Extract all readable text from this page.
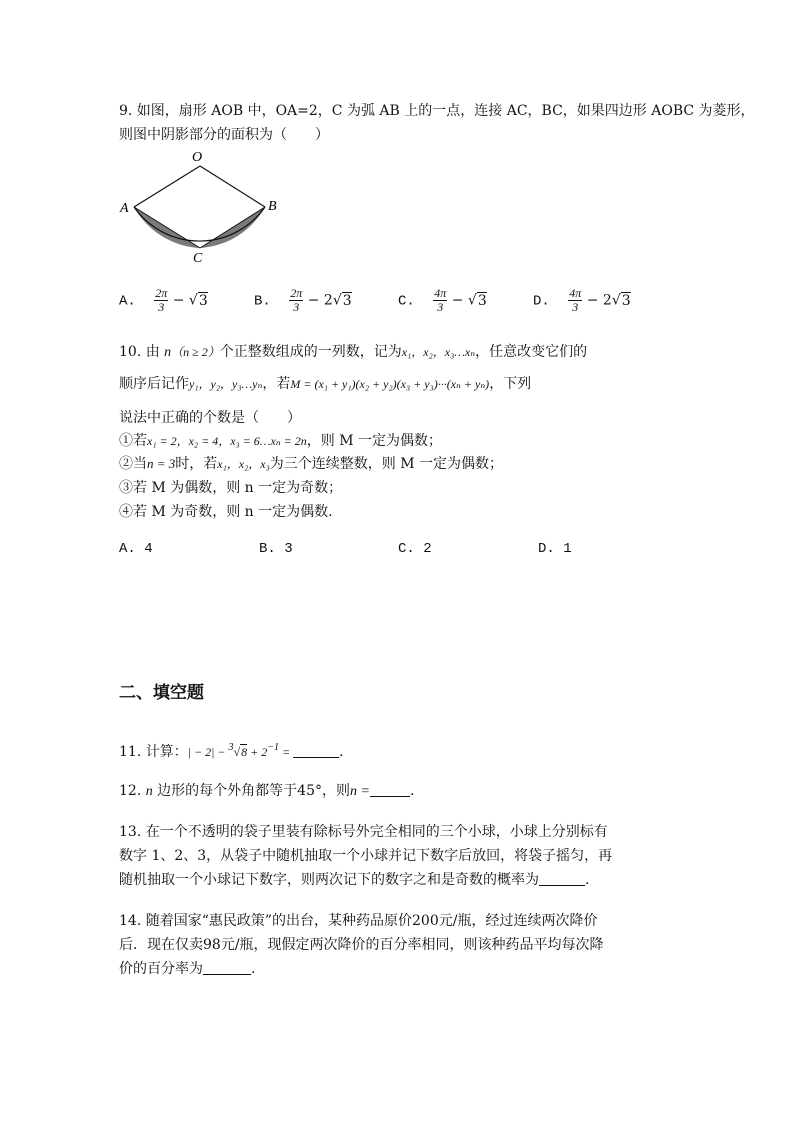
9. 如图，扇形 AOB 中，OA=2，C 为弧 AB 上的一点，连接 AC，BC，如果四边形 AOBC 为菱形，
则图中阴影部分的面积为（　　）
O
A	B
C
A. $\frac{2\pi}{3} - √3$	B. $\frac{2\pi}{3} - 2√3$	C. $\frac{4\pi}{3} - √3$	D. $\frac{4\pi}{3} - 2√3$
10. 由 n（n ≥ 2）个正整数组成的一列数，记为x₁，x₂，x₃…xₙ，任意改变它们的
顺序后记作y₁，y₂，y₃…yₙ，若M = (x₁ + y₁)(x₂ + y₂)(x₃ + y₃)···(xₙ + yₙ)，下列
说法中正确的个数是（　　）
①若x₁ = 2，x₂ = 4，x₃ = 6…xₙ = 2n，则 M 一定为偶数；
②当n = 3时，若x₁，x₂，x₃为三个连续整数，则 M 一定为偶数；
③若 M 为偶数，则 n 一定为奇数；
④若 M 为奇数，则 n 一定为偶数.
A. 4	B. 3	C. 2	D. 1
二、填空题
11. 计算：| − $2| - ^3√8 + 2^{-1}$ =	.
12. n 边形的每个外角都等于45°，则n =	.
13. 在一个不透明的袋子里装有除标号外完全相同的三个小球，小球上分别标有
数字 1、2、3，从袋子中随机抽取一个小球并记下数字后放回，将袋子摇匀，再
随机抽取一个小球记下数字，则两次记下的数字之和是奇数的概率为	.
14. 随着国家“惠民政策”的出台，某种药品原价200元/瓶，经过连续两次降价
后．现在仅卖98元/瓶，现假定两次降价的百分率相同，则该种药品平均每次降
价的百分率为	.
